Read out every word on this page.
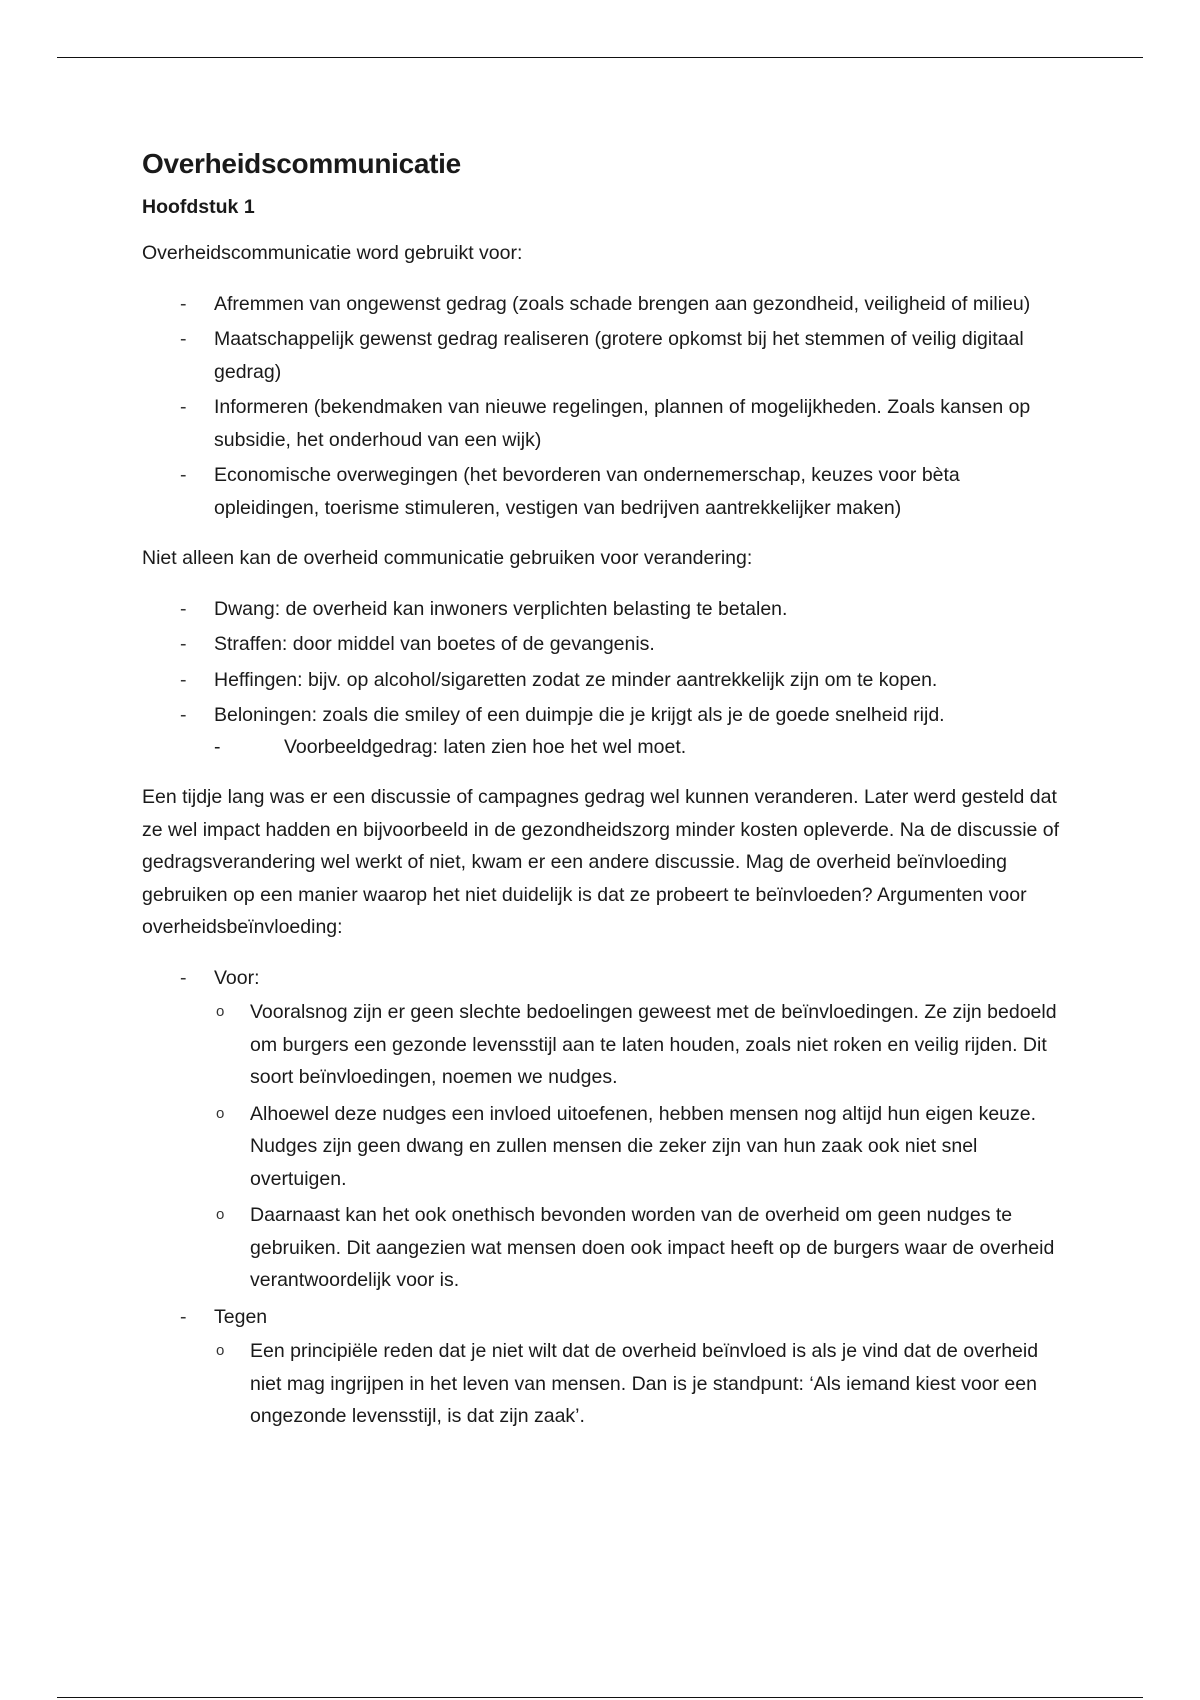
Overheidscommunicatie
Hoofdstuk 1

Overheidscommunicatie word gebruikt voor:

-	Afremmen van ongewenst gedrag (zoals schade brengen aan gezondheid, veiligheid of milieu)
-	Maatschappelijk gewenst gedrag realiseren (grotere opkomst bij het stemmen of veilig digitaal gedrag)
-	Informeren (bekendmaken van nieuwe regelingen, plannen of mogelijkheden. Zoals kansen op subsidie, het onderhoud van een wijk)
-	Economische overwegingen (het bevorderen van ondernemerschap, keuzes voor bèta opleidingen, toerisme stimuleren, vestigen van bedrijven aantrekkelijker maken)

Niet alleen kan de overheid communicatie gebruiken voor verandering:

-	Dwang: de overheid kan inwoners verplichten belasting te betalen.
-	Straffen: door middel van boetes of de gevangenis.
-	Heffingen: bijv. op alcohol/sigaretten zodat ze minder aantrekkelijk zijn om te kopen.
-	Beloningen: zoals die smiley of een duimpje die je krijgt als je de goede snelheid rijd.
-	Voorbeeldgedrag: laten zien hoe het wel moet.

Een tijdje lang was er een discussie of campagnes gedrag wel kunnen veranderen. Later werd gesteld dat ze wel impact hadden en bijvoorbeeld in de gezondheidszorg minder kosten opleverde. Na de discussie of gedragsverandering wel werkt of niet, kwam er een andere discussie. Mag de overheid beïnvloeding gebruiken op een manier waarop het niet duidelijk is dat ze probeert te beïnvloeden? Argumenten voor overheidsbeïnvloeding:

-	Voor:
o Vooralsnog zijn er geen slechte bedoelingen geweest met de beïnvloedingen. Ze zijn bedoeld om burgers een gezonde levensstijl aan te laten houden, zoals niet roken en veilig rijden. Dit soort beïnvloedingen, noemen we nudges.
o Alhoewel deze nudges een invloed uitoefenen, hebben mensen nog altijd hun eigen keuze. Nudges zijn geen dwang en zullen mensen die zeker zijn van hun zaak ook niet snel overtuigen.
o Daarnaast kan het ook onethisch bevonden worden van de overheid om geen nudges te gebruiken. Dit aangezien wat mensen doen ook impact heeft op de burgers waar de overheid verantwoordelijk voor is.
-	Tegen
o Een principiële reden dat je niet wilt dat de overheid beïnvloed is als je vind dat de overheid niet mag ingrijpen in het leven van mensen. Dan is je standpunt: ‘Als iemand kiest voor een ongezonde levensstijl, is dat zijn zaak’.
